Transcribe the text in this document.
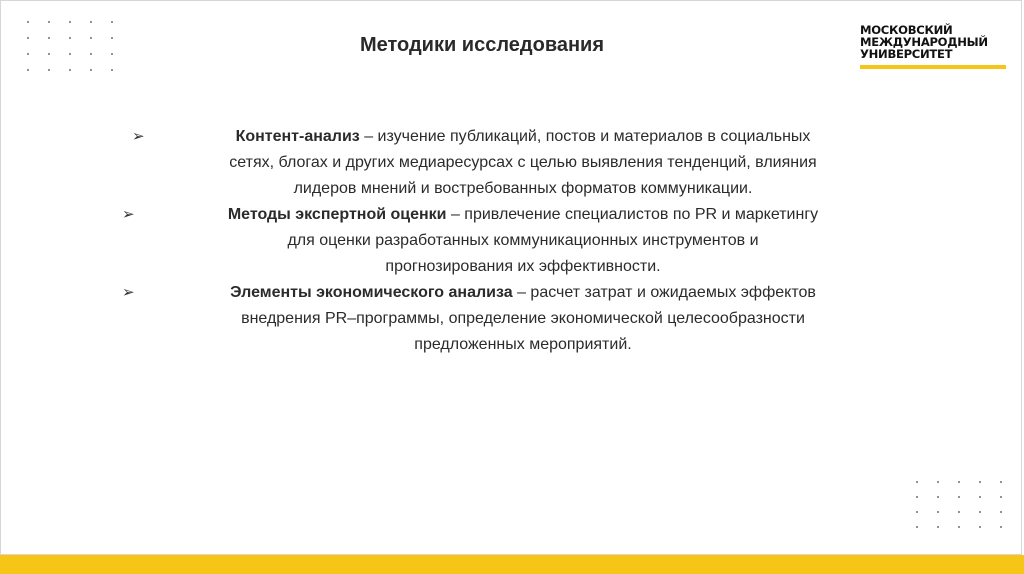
Методики исследования
МОСКОВСКИЙ
МЕЖДУНАРОДНЫЙ
УНИВЕРСИТЕТ
➢	Контент-анализ – изучение публикаций, постов и материалов в социальных
сетях, блогах и других медиаресурсах с целью выявления тенденций, влияния
лидеров мнений и востребованных форматов коммуникации.
➢	Методы экспертной оценки – привлечение специалистов по PR и маркетингу
для оценки разработанных коммуникационных инструментов и
прогнозирования их эффективности.
➢	Элементы экономического анализа – расчет затрат и ожидаемых эффектов
внедрения PR–программы, определение экономической целесообразности
предложенных мероприятий.
